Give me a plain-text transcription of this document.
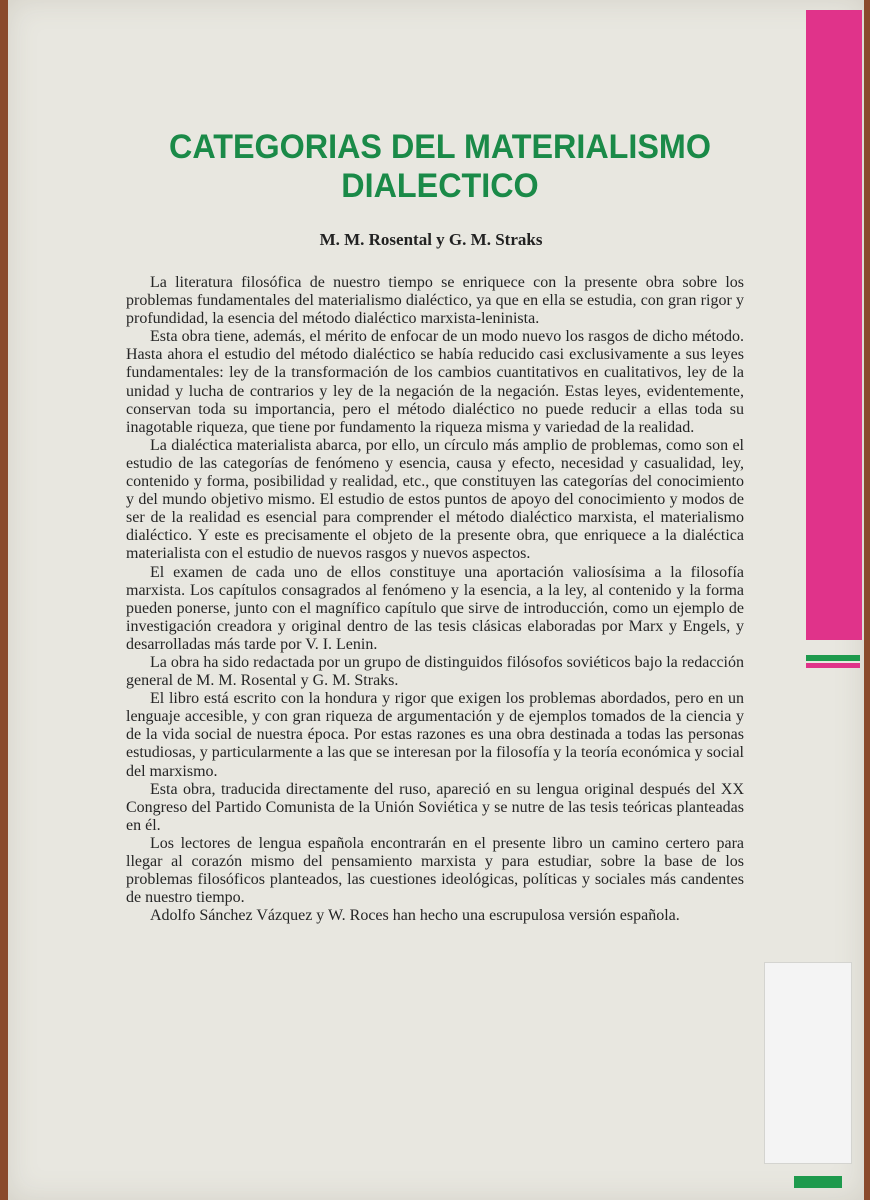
CATEGORIAS DEL MATERIALISMO DIALECTICO

M. M. Rosental y G. M. Straks

La literatura filosófica de nuestro tiempo se enriquece con la presente obra sobre los problemas fundamentales del materialismo dialéctico, ya que en ella se estudia, con gran rigor y profundidad, la esencia del método dialéctico marxista-leninista.

Esta obra tiene, además, el mérito de enfocar de un modo nuevo los rasgos de dicho método. Hasta ahora el estudio del método dialéctico se había reducido casi exclusivamente a sus leyes fundamentales: ley de la transformación de los cambios cuantitativos en cualitativos, ley de la unidad y lucha de contrarios y ley de la negación de la negación. Estas leyes, evidentemente, conservan toda su importancia, pero el método dialéctico no puede reducir a ellas toda su inagotable riqueza, que tiene por fundamento la riqueza misma y variedad de la realidad.

La dialéctica materialista abarca, por ello, un círculo más amplio de problemas, como son el estudio de las categorías de fenómeno y esencia, causa y efecto, necesidad y casualidad, ley, contenido y forma, posibilidad y realidad, etc., que constituyen las categorías del conocimiento y del mundo objetivo mismo. El estudio de estos puntos de apoyo del conocimiento y modos de ser de la realidad es esencial para comprender el método dialéctico marxista, el materialismo dialéctico. Y este es precisamente el objeto de la presente obra, que enriquece a la dialéctica materialista con el estudio de nuevos rasgos y nuevos aspectos.

El examen de cada uno de ellos constituye una aportación valiosísima a la filosofía marxista. Los capítulos consagrados al fenómeno y la esencia, a la ley, al contenido y la forma pueden ponerse, junto con el magnífico capítulo que sirve de introducción, como un ejemplo de investigación creadora y original dentro de las tesis clásicas elaboradas por Marx y Engels, y desarrolladas más tarde por V. I. Lenin.

La obra ha sido redactada por un grupo de distinguidos filósofos soviéticos bajo la redacción general de M. M. Rosental y G. M. Straks.

El libro está escrito con la hondura y rigor que exigen los problemas abordados, pero en un lenguaje accesible, y con gran riqueza de argumentación y de ejemplos tomados de la ciencia y de la vida social de nuestra época. Por estas razones es una obra destinada a todas las personas estudiosas, y particularmente a las que se interesan por la filosofía y la teoría económica y social del marxismo.

Esta obra, traducida directamente del ruso, apareció en su lengua original después del XX Congreso del Partido Comunista de la Unión Soviética y se nutre de las tesis teóricas planteadas en él.

Los lectores de lengua española encontrarán en el presente libro un camino certero para llegar al corazón mismo del pensamiento marxista y para estudiar, sobre la base de los problemas filosóficos planteados, las cuestiones ideológicas, políticas y sociales más candentes de nuestro tiempo.

Adolfo Sánchez Vázquez y W. Roces han hecho una escrupulosa versión española.
